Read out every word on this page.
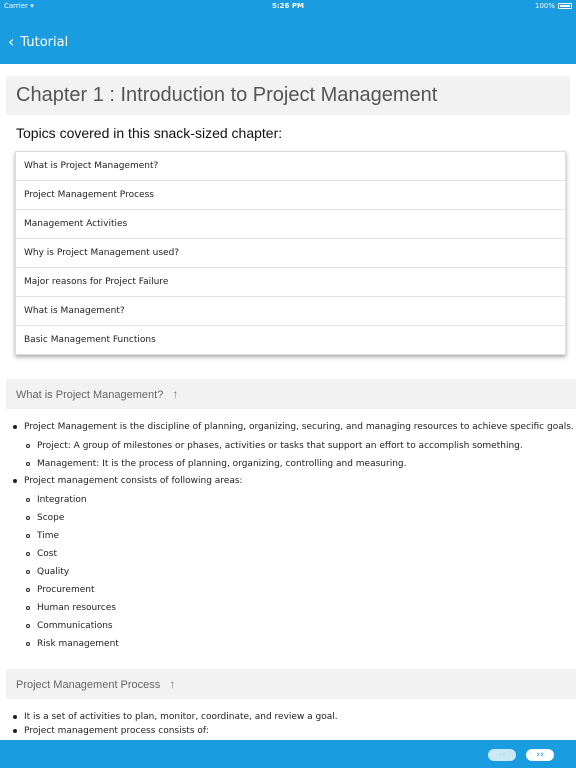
Carrier ▾	5:26 PM	100%
‹ Tutorial
Chapter 1 : Introduction to Project Management
Topics covered in this snack-sized chapter:
What is Project Management?
Project Management Process
Management Activities
Why is Project Management used?
Major reasons for Project Failure
What is Management?
Basic Management Functions
What is Project Management? ↑
Project Management is the discipline of planning, organizing, securing, and managing resources to achieve specific goals.
Project: A group of milestones or phases, activities or tasks that support an effort to accomplish something.
Management: It is the process of planning, organizing, controlling and measuring.
Project management consists of following areas:
Integration
Scope
Time
Cost
Quality
Procurement
Human resources
Communications
Risk management
Project Management Process ↑
It is a set of activities to plan, monitor, coordinate, and review a goal.
Project management process consists of:
‹‹	››
